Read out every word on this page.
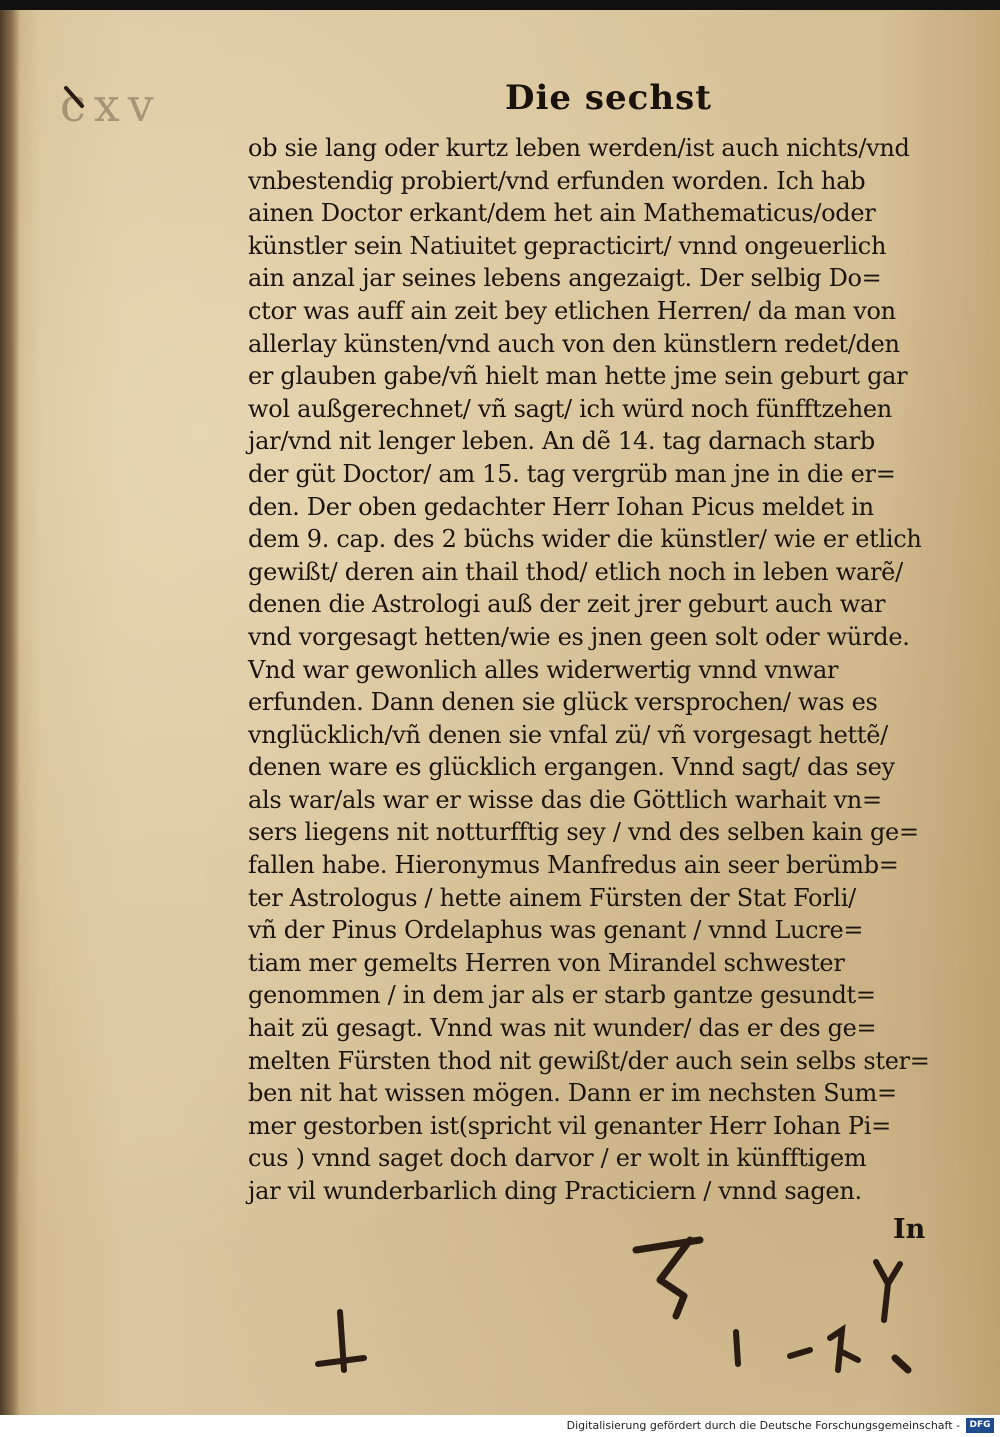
cxv	Die sechst
ob sie lang oder kurtz leben werden/ist auch nichts/vnd
vnbestendig probiert/vnd erfunden worden. Ich hab
ainen Doctor erkant/dem het ain Mathematicus/oder
künstler sein Natiuitet gepracticirt/ vnnd ongeuerlich
ain anzal jar seines lebens angezaigt. Der selbig Do=
ctor was auff ain zeit bey etlichen Herren/ da man von
allerlay künsten/vnd auch von den künstlern redet/den
er glauben gabe/vñ hielt man hette jme sein geburt gar
wol außgerechnet/ vñ sagt/ ich würd noch fünfftzehen
jar/vnd nit lenger leben. An dẽ 14. tag darnach starb
der güt Doctor/ am 15. tag vergrüb man jne in die er=
den. Der oben gedachter Herr Iohan Picus meldet in
dem 9. cap. des 2 büchs wider die künstler/ wie er etlich
gewißt/ deren ain thail thod/ etlich noch in leben warẽ/
denen die Astrologi auß der zeit jrer geburt auch war
vnd vorgesagt hetten/wie es jnen geen solt oder würde.
Vnd war gewonlich alles widerwertig vnnd vnwar
erfunden. Dann denen sie glück versprochen/ was es
vnglücklich/vñ denen sie vnfal zü/ vñ vorgesagt hettẽ/
denen ware es glücklich ergangen. Vnnd sagt/ das sey
als war/als war er wisse das die Göttlich warhait vn=
sers liegens nit notturfftig sey / vnd des selben kain ge=
fallen habe. Hieronymus Manfredus ain seer berümb=
ter Astrologus / hette ainem Fürsten der Stat Forli/
vñ der Pinus Ordelaphus was genant / vnnd Lucre=
tiam mer gemelts Herren von Mirandel schwester
genommen / in dem jar als er starb gantze gesundt=
hait zü gesagt. Vnnd was nit wunder/ das er des ge=
melten Fürsten thod nit gewißt/der auch sein selbs ster=
ben nit hat wissen mögen. Dann er im nechsten Sum=
mer gestorben ist(spricht vil genanter Herr Iohan Pi=
cus ) vnnd saget doch darvor / er wolt in künfftigem
jar vil wunderbarlich ding Practiciern / vnnd sagen.
In
Digitalisierung gefördert durch die Deutsche Forschungsgemeinschaft -	DFG
